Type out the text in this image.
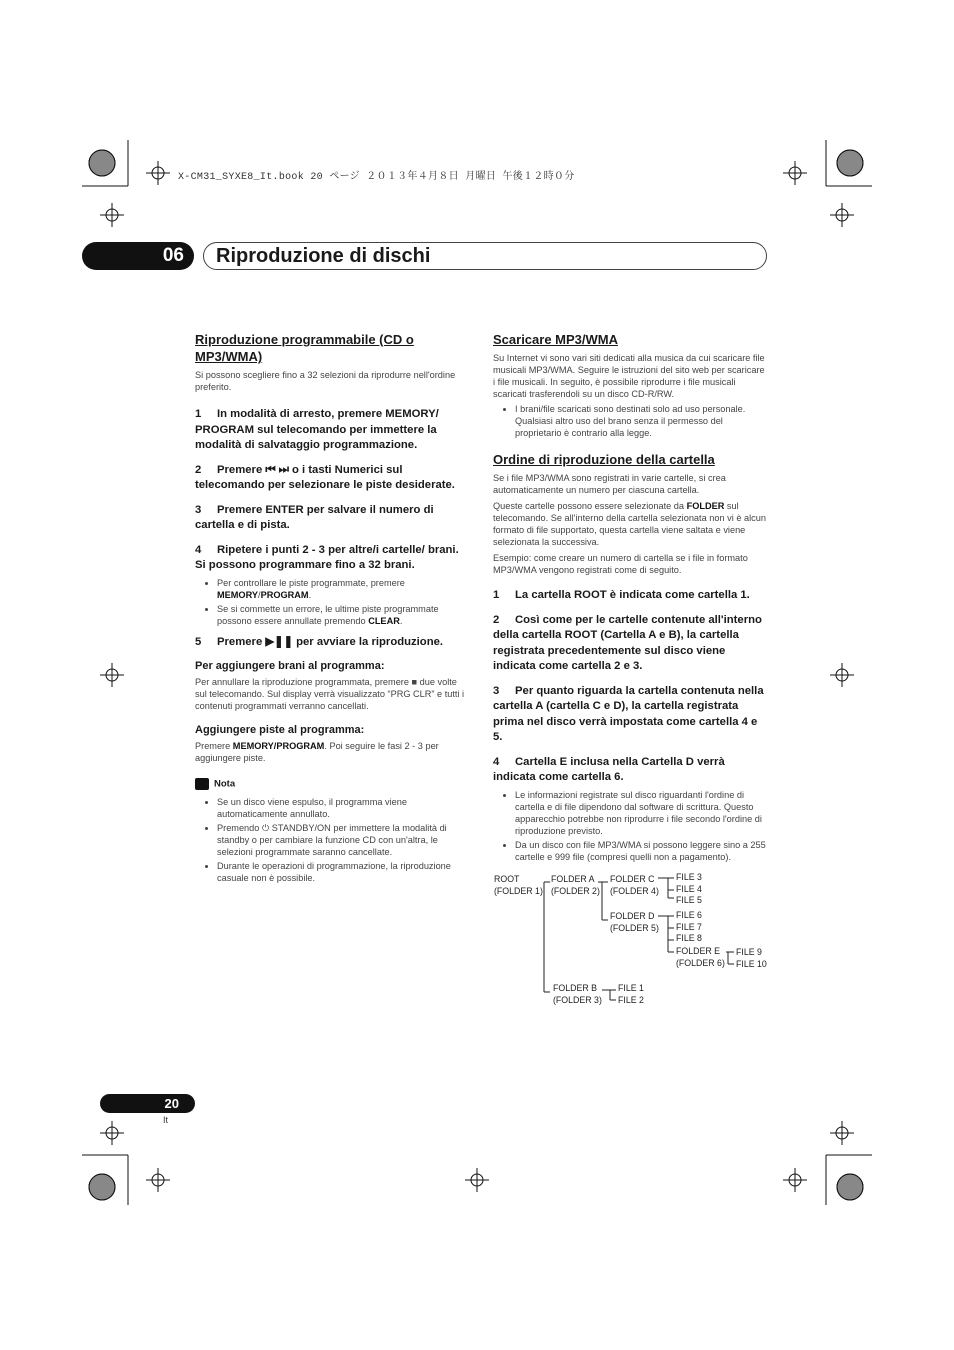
X-CM31_SYXE8_It.book 20 ページ ２０１３年４月８日 月曜日 午後１２時０分
06	Riproduzione di dischi

Riproduzione programmabile (CD o MP3/WMA)

Si possono scegliere fino a 32 selezioni da riprodurre nell'ordine preferito.

1 In modalità di arresto, premere MEMORY/ PROGRAM sul telecomando per immettere la modalità di salvataggio programmazione.

2 Premere ⏮ ⏭ o i tasti Numerici sul telecomando per selezionare le piste desiderate.

3 Premere ENTER per salvare il numero di cartella e di pista.

4 Ripetere i punti 2 - 3 per altre/i cartelle/ brani. Si possono programmare fino a 32 brani.

• Per controllare le piste programmate, premere MEMORY/PROGRAM.
• Se si commette un errore, le ultime piste programmate possono essere annullate premendo CLEAR.

5 Premere ▶❚❚ per avviare la riproduzione.

Per aggiungere brani al programma:

Per annullare la riproduzione programmata, premere ■ due volte sul telecomando. Sul display verrà visualizzato “PRG CLR” e tutti i contenuti programmati verranno cancellati.

Aggiungere piste al programma:

Premere MEMORY/PROGRAM. Poi seguire le fasi 2 - 3 per aggiungere piste.

Nota
• Se un disco viene espulso, il programma viene automaticamente annullato.
• Premendo ⏻ STANDBY/ON per immettere la modalità di standby o per cambiare la funzione CD con un'altra, le selezioni programmate saranno cancellate.
• Durante le operazioni di programmazione, la riproduzione casuale non è possibile.

Scaricare MP3/WMA

Su Internet vi sono vari siti dedicati alla musica da cui scaricare file musicali MP3/WMA. Seguire le istruzioni del sito web per scaricare i file musicali. In seguito, è possibile riprodurre i file musicali scaricati trasferendoli su un disco CD-R/RW.

• I brani/file scaricati sono destinati solo ad uso personale. Qualsiasi altro uso del brano senza il permesso del proprietario è contrario alla legge.

Ordine di riproduzione della cartella

Se i file MP3/WMA sono registrati in varie cartelle, si crea automaticamente un numero per ciascuna cartella.

Queste cartelle possono essere selezionate da FOLDER sul telecomando. Se all'interno della cartella selezionata non vi è alcun formato di file supportato, questa cartella viene saltata e viene selezionata la successiva.

Esempio: come creare un numero di cartella se i file in formato MP3/WMA vengono registrati come di seguito.

1 La cartella ROOT è indicata come cartella 1.

2 Così come per le cartelle contenute all'interno della cartella ROOT (Cartella A e B), la cartella registrata precedentemente sul disco viene indicata come cartella 2 e 3.

3 Per quanto riguarda la cartella contenuta nella cartella A (cartella C e D), la cartella registrata prima nel disco verrà impostata come cartella 4 e 5.

4 Cartella E inclusa nella Cartella D verrà indicata come cartella 6.

• Le informazioni registrate sul disco riguardanti l'ordine di cartella e di file dipendono dal software di scrittura. Questo apparecchio potrebbe non riprodurre i file secondo l'ordine di riproduzione previsto.
• Da un disco con file MP3/WMA si possono leggere sino a 255 cartelle e 999 file (compresi quelli non a pagamento).
ROOT
(FOLDER 1)
FOLDER A
(FOLDER 2)
FOLDER C
(FOLDER 4)
FILE 3
FILE 4
FILE 5
FOLDER D
(FOLDER 5)
FILE 6
FILE 7
FILE 8
FOLDER E
(FOLDER 6)
FILE 9
FILE 10
FOLDER B
(FOLDER 3)
FILE 1
FILE 2
20
It
